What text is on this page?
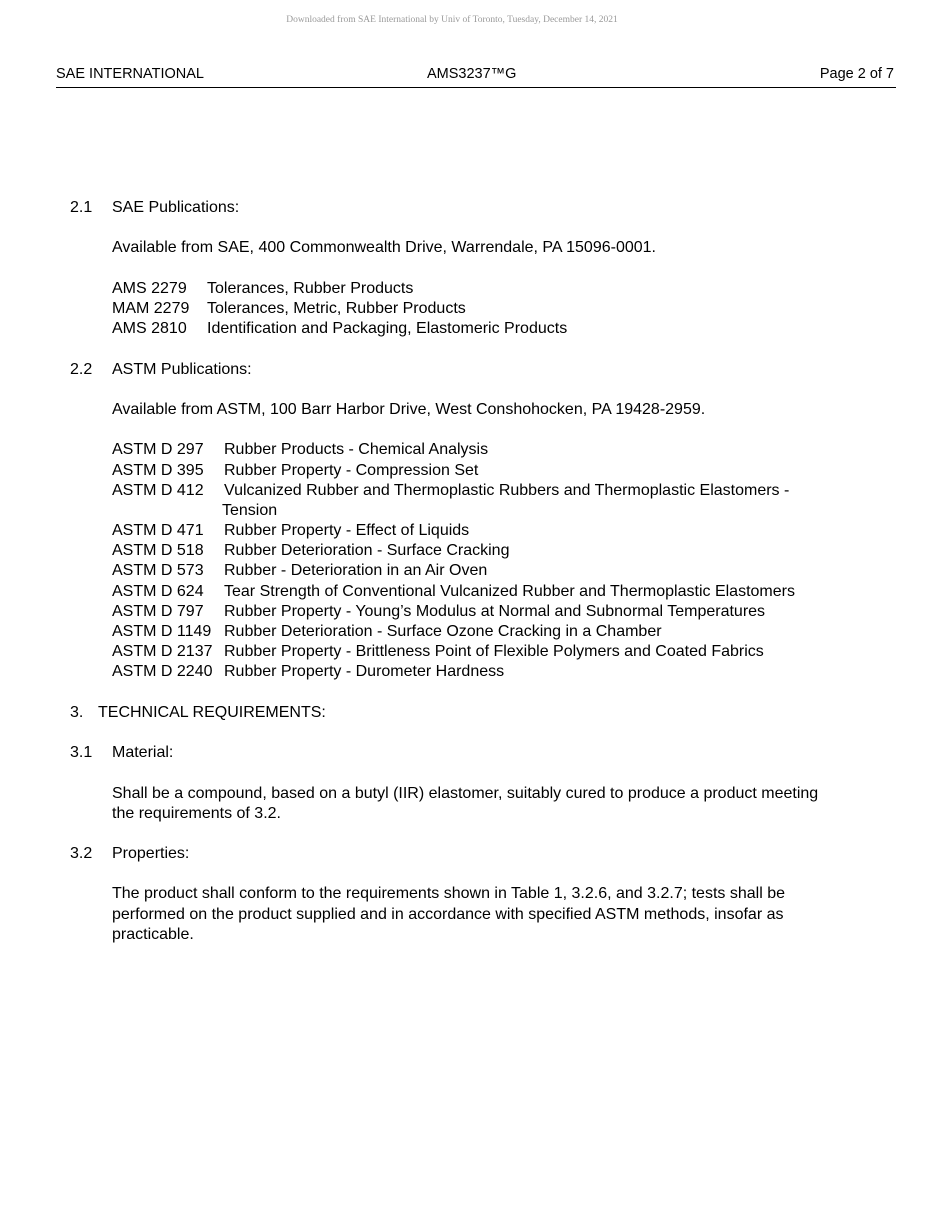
Downloaded from SAE International by Univ of Toronto, Tuesday, December 14, 2021
SAE INTERNATIONAL	AMS3237™G	Page 2 of 7
2.1 SAE Publications:
Available from SAE, 400 Commonwealth Drive, Warrendale, PA 15096-0001.
AMS 2279 Tolerances, Rubber Products
MAM 2279 Tolerances, Metric, Rubber Products
AMS 2810 Identification and Packaging, Elastomeric Products
2.2 ASTM Publications:
Available from ASTM, 100 Barr Harbor Drive, West Conshohocken, PA 19428-2959.
ASTM D 297 Rubber Products - Chemical Analysis
ASTM D 395 Rubber Property - Compression Set
ASTM D 412 Vulcanized Rubber and Thermoplastic Rubbers and Thermoplastic Elastomers -
Tension
ASTM D 471 Rubber Property - Effect of Liquids
ASTM D 518 Rubber Deterioration - Surface Cracking
ASTM D 573 Rubber - Deterioration in an Air Oven
ASTM D 624 Tear Strength of Conventional Vulcanized Rubber and Thermoplastic Elastomers
ASTM D 797 Rubber Property - Young’s Modulus at Normal and Subnormal Temperatures
ASTM D 1149 Rubber Deterioration - Surface Ozone Cracking in a Chamber
ASTM D 2137 Rubber Property - Brittleness Point of Flexible Polymers and Coated Fabrics
ASTM D 2240 Rubber Property - Durometer Hardness
3. TECHNICAL REQUIREMENTS:
3.1 Material:
Shall be a compound, based on a butyl (IIR) elastomer, suitably cured to produce a product meeting
the requirements of 3.2.
3.2 Properties:
The product shall conform to the requirements shown in Table 1, 3.2.6, and 3.2.7; tests shall be
performed on the product supplied and in accordance with specified ASTM methods, insofar as
practicable.
